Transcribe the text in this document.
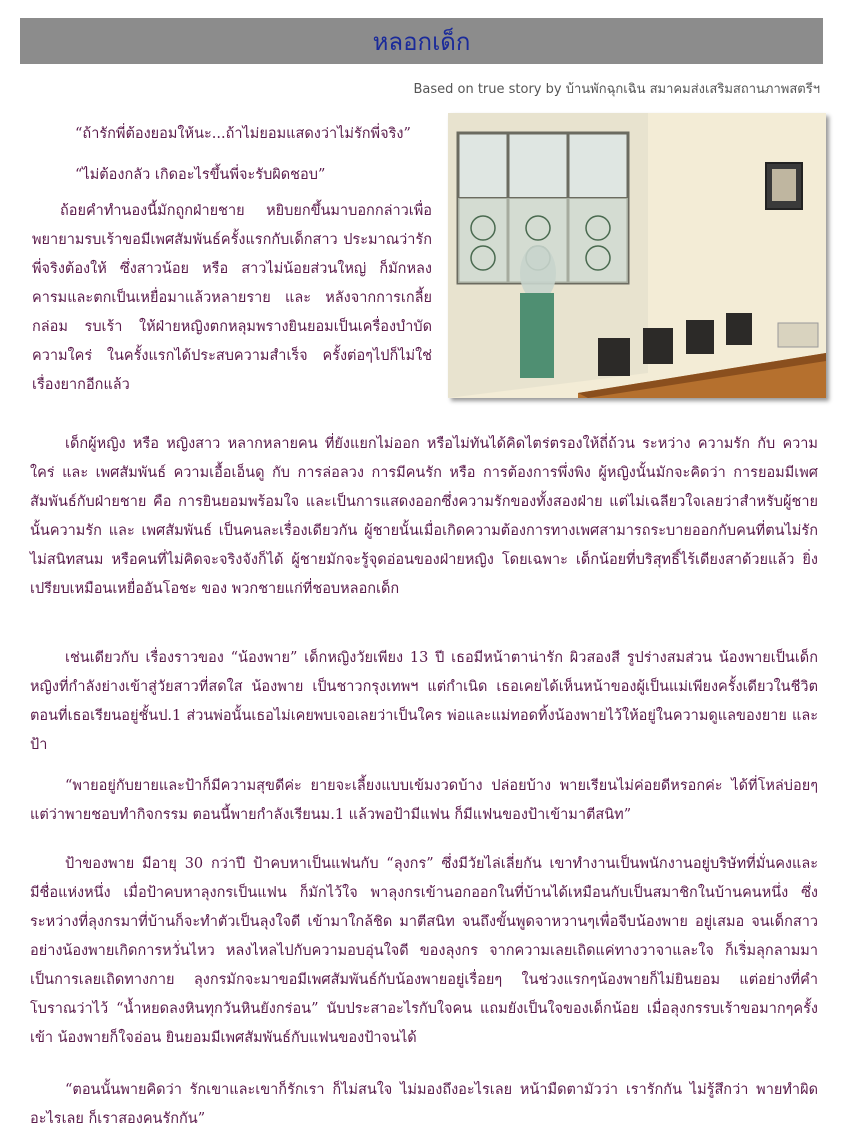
หลอกเด็ก
Based on true story by บ้านพักฉุกเฉิน สมาคมส่งเสริมสถานภาพสตรีฯ

“ถ้ารักพี่ต้องยอมให้นะ...ถ้าไม่ยอมแสดงว่าไม่รักพี่จริง”

“ไม่ต้องกลัว เกิดอะไรขึ้นพี่จะรับผิดชอบ”

ถ้อยคำทำนองนี้มักถูกฝ่ายชาย หยิบยกขึ้นมาบอกกล่าวเพื่อพยายามรบเร้าขอมีเพศสัมพันธ์ครั้งแรกกับเด็กสาว ประมาณว่ารักพี่จริงต้องให้ ซึ่งสาวน้อย หรือ สาวไม่น้อยส่วนใหญ่ ก็มักหลงคารมและตกเป็นเหยื่อมาแล้วหลายราย และ หลังจากการเกลี้ยกล่อม รบเร้า ให้ฝ่ายหญิงตกหลุมพรางยินยอมเป็นเครื่องบำบัดความใคร่ ในครั้งแรกได้ประสบความสำเร็จ ครั้งต่อๆไปก็ไม่ใช่เรื่องยากอีกแล้ว

เด็กผู้หญิง หรือ หญิงสาว หลากหลายคน ที่ยังแยกไม่ออก หรือไม่ทันได้คิดไตร่ตรองให้ถี่ถ้วน ระหว่าง ความรัก กับ ความใคร่ และ เพศสัมพันธ์ ความเอื้อเอ็นดู กับ การล่อลวง การมีคนรัก หรือ การต้องการพึ่งพิง ผู้หญิงนั้นมักจะคิดว่า การยอมมีเพศสัมพันธ์กับฝ่ายชาย คือ การยินยอมพร้อมใจ และเป็นการแสดงออกซึ่งความรักของทั้งสองฝ่าย แต่ไม่เฉลียวใจเลยว่าสำหรับผู้ชายนั้นความรัก และ เพศสัมพันธ์ เป็นคนละเรื่องเดียวกัน ผู้ชายนั้นเมื่อเกิดความต้องการทางเพศสามารถระบายออกกับคนที่ตนไม่รักไม่สนิทสนม หรือคนที่ไม่คิดจะจริงจังก็ได้ ผู้ชายมักจะรู้จุดอ่อนของฝ่ายหญิง โดยเฉพาะ เด็กน้อยที่บริสุทธิ์ไร้เดียงสาด้วยแล้ว ยิ่งเปรียบเหมือนเหยื่ออันโอชะ ของ พวกชายแก่ที่ชอบหลอกเด็ก

เช่นเดียวกับ เรื่องราวของ “น้องพาย” เด็กหญิงวัยเพียง 13 ปี เธอมีหน้าตาน่ารัก ผิวสองสี รูปร่างสมส่วน น้องพายเป็นเด็กหญิงที่กำลังย่างเข้าสู่วัยสาวที่สดใส น้องพาย เป็นชาวกรุงเทพฯ แต่กำเนิด เธอเคยได้เห็นหน้าของผู้เป็นแม่เพียงครั้งเดียวในชีวิต ตอนที่เธอเรียนอยู่ชั้นป.1 ส่วนพ่อนั้นเธอไม่เคยพบเจอเลยว่าเป็นใคร พ่อและแม่ทอดทิ้งน้องพายไว้ให้อยู่ในความดูแลของยาย และป้า

“พายอยู่กับยายและป้าก็มีความสุขดีค่ะ ยายจะเลี้ยงแบบเข้มงวดบ้าง ปล่อยบ้าง พายเรียนไม่ค่อยดีหรอกค่ะ ได้ที่โหล่บ่อยๆ แต่ว่าพายชอบทำกิจกรรม ตอนนี้พายกำลังเรียนม.1 แล้วพอป้ามีแฟน ก็มีแฟนของป้าเข้ามาตีสนิท”

ป้าของพาย มีอายุ 30 กว่าปี ป้าคบหาเป็นแฟนกับ “ลุงกร” ซึ่งมีวัยไล่เลี่ยกัน เขาทำงานเป็นพนักงานอยู่บริษัทที่มั่นคงและมีชื่อแห่งหนึ่ง เมื่อป้าคบหาลุงกรเป็นแฟน ก็มักไว้ใจ พาลุงกรเข้านอกออกในที่บ้านได้เหมือนกับเป็นสมาชิกในบ้านคนหนึ่ง ซึ่งระหว่างที่ลุงกรมาที่บ้านก็จะทำตัวเป็นลุงใจดี เข้ามาใกล้ชิด มาตีสนิท จนถึงขั้นพูดจาหวานๆเพื่อจีบน้องพาย อยู่เสมอ จนเด็กสาวอย่างน้องพายเกิดการหวั่นไหว หลงไหลไปกับความอบอุ่นใจดี ของลุงกร จากความเลยเถิดแค่ทางวาจาและใจ ก็เริ่มลุกลามมาเป็นการเลยเถิดทางกาย ลุงกรมักจะมาขอมีเพศสัมพันธ์กับน้องพายอยู่เรื่อยๆ ในช่วงแรกๆน้องพายก็ไม่ยินยอม แต่อย่างที่คำโบราณว่าไว้ “น้ำหยดลงหินทุกวันหินยังกร่อน” นับประสาอะไรกับใจคน แถมยังเป็นใจของเด็กน้อย เมื่อลุงกรรบเร้าขอมากๆครั้งเข้า น้องพายก็ใจอ่อน ยินยอมมีเพศสัมพันธ์กับแฟนของป้าจนได้

“ตอนนั้นพายคิดว่า รักเขาและเขาก็รักเรา ก็ไม่สนใจ ไม่มองถึงอะไรเลย หน้ามืดตามัวว่า เรารักกัน ไม่รู้สึกว่า พายทำผิดอะไรเลย ก็เราสองคนรักกัน”
